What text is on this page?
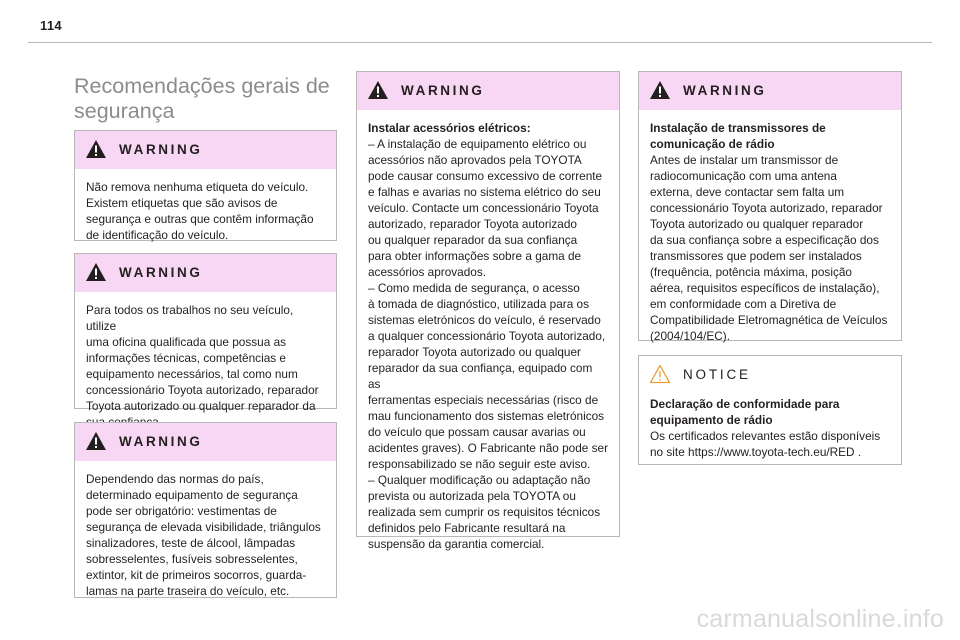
114
Recomendações gerais de segurança
WARNING

Não remova nenhuma etiqueta do veículo.

Existem etiquetas que são avisos de

segurança e outras que contêm informação

de identificação do veículo.

WARNING

Para todos os trabalhos no seu veículo, utilize

uma oficina qualificada que possua as

informações técnicas, competências e

equipamento necessários, tal como num

concessionário Toyota autorizado, reparador

Toyota autorizado ou qualquer reparador da

WARNING

Dependendo das normas do país,

determinado equipamento de segurança

pode ser obrigatório: vestimentas de

segurança de elevada visibilidade, triângulos

sinalizadores, teste de álcool, lâmpadas

sobresselentes, fusíveis sobresselentes,

extintor, kit de primeiros socorros, guarda-

lamas na parte traseira do veículo, etc.

WARNING

Instalar acessórios elétricos:

– A instalação de equipamento elétrico ou

acessórios não aprovados pela TOYOTA

pode causar consumo excessivo de corrente

e falhas e avarias no sistema elétrico do seu

veículo. Contacte um concessionário Toyota

autorizado, reparador Toyota autorizado

ou qualquer reparador da sua confiança

para obter informações sobre a gama de

acessórios aprovados.

– Como medida de segurança, o acesso

à tomada de diagnóstico, utilizada para os

sistemas eletrónicos do veículo, é reservado

a qualquer concessionário Toyota autorizado,

reparador Toyota autorizado ou qualquer

reparador da sua confiança, equipado com as

ferramentas especiais necessárias (risco de

mau funcionamento dos sistemas eletrónicos

do veículo que possam causar avarias ou

acidentes graves). O Fabricante não pode ser

responsabilizado se não seguir este aviso.

– Qualquer modificação ou adaptação não

prevista ou autorizada pela TOYOTA ou

realizada sem cumprir os requisitos técnicos

definidos pelo Fabricante resultará na

suspensão da garantia comercial.

WARNING

Instalação de transmissores de

comunicação de rádio

Antes de instalar um transmissor de

radiocomunicação com uma antena

externa, deve contactar sem falta um

concessionário Toyota autorizado, reparador

Toyota autorizado ou qualquer reparador

da sua confiança sobre a especificação dos

transmissores que podem ser instalados

(frequência, potência máxima, posição

aérea, requisitos específicos de instalação),

em conformidade com a Diretiva de

Compatibilidade Eletromagnética de Veículos

(2004/104/EC).

NOTICE

Declaração de conformidade para

equipamento de rádio

Os certificados relevantes estão disponíveis

no site https://www.toyota-tech.eu/RED .

carmanualsonline.info
